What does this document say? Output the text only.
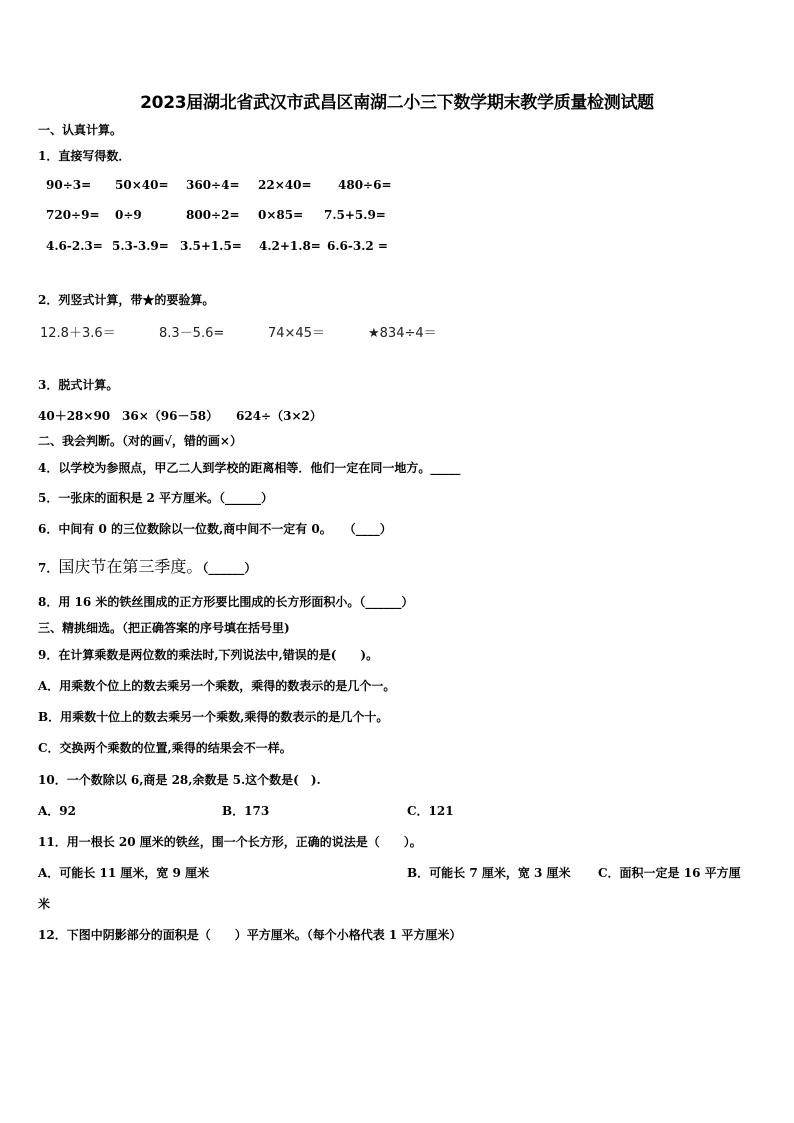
2023届湖北省武汉市武昌区南湖二小三下数学期末教学质量检测试题
一、认真计算。
1．直接写得数．
90÷3= 50×40= 360÷4= 22×40= 480÷6=
720÷9= 0÷9	800÷2= 0×85= 7.5+5.9=
4.6-2.3= 5.3-3.9= 3.5+1.5= 4.2+1.8= 6.6-3.2 =
2．列竖式计算，带★的要验算。
12.8＋3.6＝	8.3－5.6=	74×45＝	★834÷4＝
3．脱式计算。
40＋28×90 36×（96－58） 624÷（3×2）
二、我会判断。（对的画√，错的画×）
4．以学校为参照点，甲乙二人到学校的距离相等．他们一定在同一地方。_____
5．一张床的面积是 2 平方厘米。（______）
6．中间有 0 的三位数除以一位数,商中间不一定有 0。　　（____）
7．国庆节在第三季度。（______）
8．用 16 米的铁丝围成的正方形要比围成的长方形面积小。（______）
三、精挑细选。（把正确答案的序号填在括号里)
9．在计算乘数是两位数的乘法时,下列说法中,错误的是(　　)。
A．用乘数个位上的数去乘另一个乘数，乘得的数表示的是几个一。
B．用乘数十位上的数去乘另一个乘数,乘得的数表示的是几个十。
C．交换两个乘数的位置,乘得的结果会不一样。
10．一个数除以 6,商是 28,余数是 5.这个数是(　).
A．92	B．173	C．121
11．用一根长 20 厘米的铁丝，围一个长方形，正确的说法是（　　）。
A．可能长 11 厘米，宽 9 厘米	B．可能长 7 厘米，宽 3 厘米 C．面积一定是 16 平方厘
米
12．下图中阴影部分的面积是（　　）平方厘米。（每个小格代表 1 平方厘米）
